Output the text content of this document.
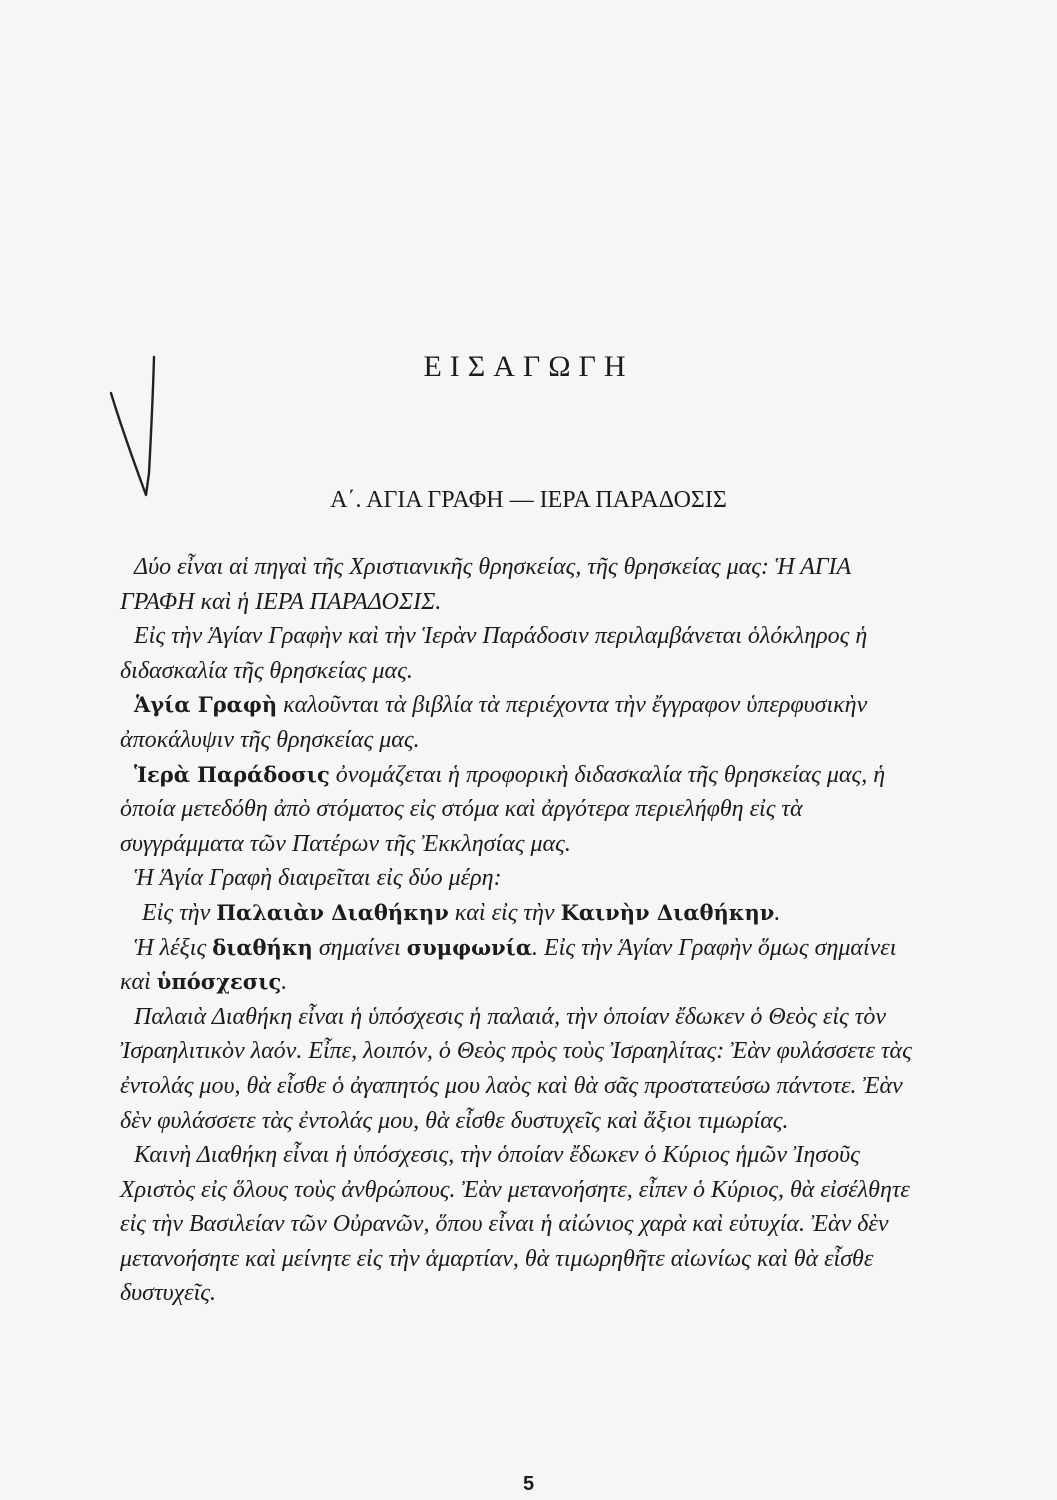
ΕΙΣΑΓΩΓΗ
Α΄. ΑΓΙΑ ΓΡΑΦΗ — ΙΕΡΑ ΠΑΡΑΔΟΣΙΣ

Δύο εἶναι αἱ πηγαὶ τῆς Χριστιανικῆς θρησκείας, τῆς θρησκείας μας: Ἡ ΑΓΙΑ ΓΡΑΦΗ καὶ ἡ ΙΕΡΑ ΠΑΡΑΔΟΣΙΣ.

Εἰς τὴν Ἁγίαν Γραφὴν καὶ τὴν Ἱερὰν Παράδοσιν περιλαμβάνεται ὁλόκληρος ἡ διδασκαλία τῆς θρησκείας μας.

Ἁγία Γραφὴ καλοῦνται τὰ βιβλία τὰ περιέχοντα τὴν ἔγγραφον ὑπερφυσικὴν ἀποκάλυψιν τῆς θρησκείας μας.

Ἱερὰ Παράδοσις ὀνομάζεται ἡ προφορικὴ διδασκαλία τῆς θρησκείας μας, ἡ ὁποία μετεδόθη ἀπὸ στόματος εἰς στόμα καὶ ἀργότερα περιελήφθη εἰς τὰ συγγράμματα τῶν Πατέρων τῆς Ἐκκλησίας μας.

Ἡ Ἁγία Γραφὴ διαιρεῖται εἰς δύο μέρη:

Εἰς τὴν Παλαιὰν Διαθήκην καὶ εἰς τὴν Καινὴν Διαθήκην.

Ἡ λέξις διαθήκη σημαίνει συμφωνία. Εἰς τὴν Ἁγίαν Γραφὴν ὅμως σημαίνει καὶ ὑπόσχεσις.

Παλαιὰ Διαθήκη εἶναι ἡ ὑπόσχεσις ἡ παλαιά, τὴν ὁποίαν ἔδωκεν ὁ Θεὸς εἰς τὸν Ἰσραηλιτικὸν λαόν. Εἶπε, λοιπόν, ὁ Θεὸς πρὸς τοὺς Ἰσραηλίτας: Ἐὰν φυλάσσετε τὰς ἐντολάς μου, θὰ εἶσθε ὁ ἀγαπητός μου λαὸς καὶ θὰ σᾶς προστατεύσω πάντοτε. Ἐὰν δὲν φυλάσσετε τὰς ἐντολάς μου, θὰ εἶσθε δυστυχεῖς καὶ ἄξιοι τιμωρίας.

Καινὴ Διαθήκη εἶναι ἡ ὑπόσχεσις, τὴν ὁποίαν ἔδωκεν ὁ Κύριος ἡμῶν Ἰησοῦς Χριστὸς εἰς ὅλους τοὺς ἀνθρώπους. Ἐὰν μετανοήσητε, εἶπεν ὁ Κύριος, θὰ εἰσέλθητε εἰς τὴν Βασιλείαν τῶν Οὐρανῶν, ὅπου εἶναι ἡ αἰώνιος χαρὰ καὶ εὐτυχία. Ἐὰν δὲν μετανοήσητε καὶ μείνητε εἰς τὴν ἁμαρτίαν, θὰ τιμωρηθῆτε αἰωνίως καὶ θὰ εἶσθε δυστυχεῖς.

5
